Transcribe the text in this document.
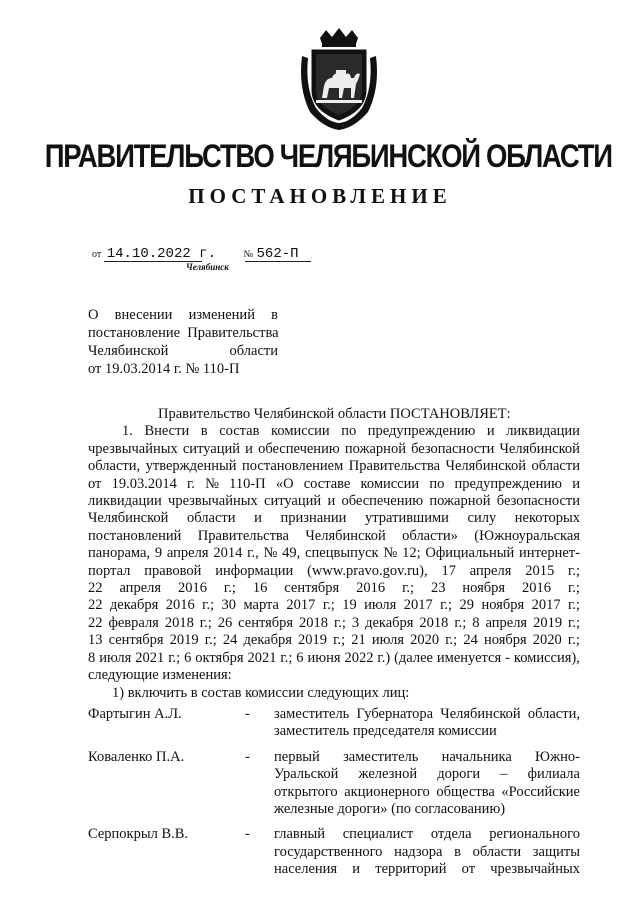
ПРАВИТЕЛЬСТВО ЧЕЛЯБИНСКОЙ ОБЛАСТИ
ПОСТАНОВЛЕНИЕ
от 14.10.2022 г.	№ 562-П
Челябинск
О   внесении   изменений   в
постановление  Правительства
Челябинской              области
от 19.03.2014 г. № 110-П
Правительство Челябинской области ПОСТАНОВЛЯЕТ:
1. Внести в состав комиссии по предупреждению и ликвидации
чрезвычайных ситуаций и обеспечению пожарной безопасности Челябинской
области, утвержденный постановлением Правительства Челябинской области
от 19.03.2014 г. № 110-П «О составе комиссии по предупреждению и
ликвидации чрезвычайных ситуаций и обеспечению пожарной безопасности
Челябинской области и признании утратившими силу некоторых
постановлений Правительства Челябинской области» (Южноуральская
панорама, 9 апреля 2014 г., № 49, спецвыпуск № 12; Официальный интернет-
портал правовой информации (www.pravo.gov.ru), 17 апреля 2015 г.;
22 апреля 2016 г.; 16 сентября 2016 г.; 23 ноября 2016 г.;
22 декабря 2016 г.; 30 марта 2017 г.; 19 июля 2017 г.; 29 ноября 2017 г.;
22 февраля 2018 г.; 26 сентября 2018 г.; 3 декабря 2018 г.; 8 апреля 2019 г.;
13 сентября 2019 г.; 24 декабря 2019 г.; 21 июля 2020 г.; 24 ноября 2020 г.;
8 июля 2021 г.; 6 октября 2021 г.; 6 июня 2022 г.) (далее именуется - комиссия),
следующие изменения:
1) включить в состав комиссии следующих лиц:
Фартыгин А.Л.	- заместитель Губернатора Челябинской области,
заместитель председателя комиссии
Коваленко П.А.	- первый заместитель начальника Южно-
Уральской железной дороги – филиала
открытого акционерного общества «Российские
железные дороги» (по согласованию)
Серпокрыл В.В.	- главный специалист отдела регионального
государственного надзора в области защиты
населения и территорий от чрезвычайных
